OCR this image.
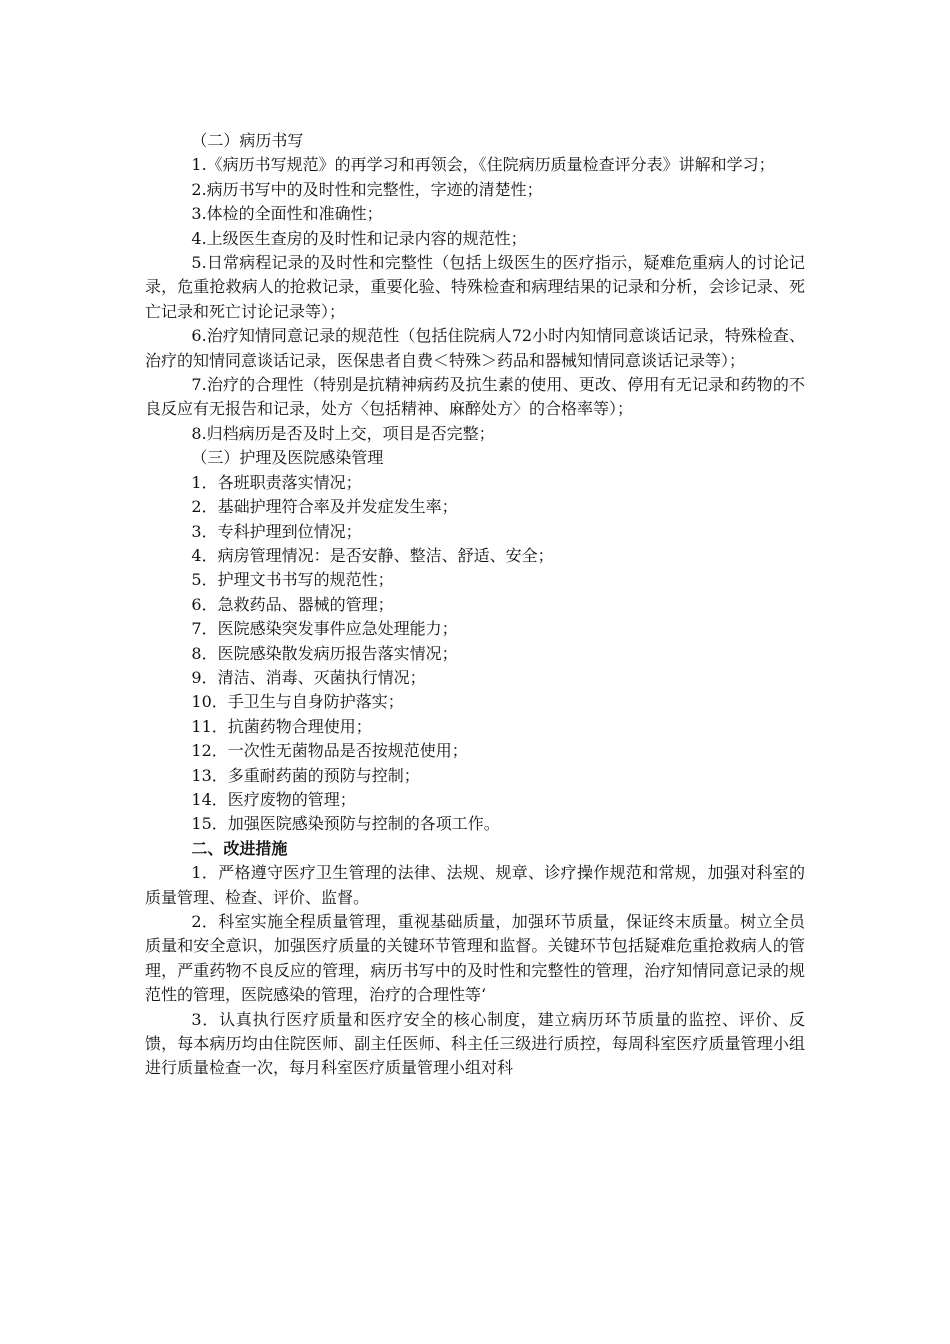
（二）病历书写

1.《病历书写规范》的再学习和再领会，《住院病历质量检查评分表》讲解和学习；

2.病历书写中的及时性和完整性，字迹的清楚性；

3.体检的全面性和准确性；

4.上级医生查房的及时性和记录内容的规范性；

5.日常病程记录的及时性和完整性（包括上级医生的医疗指示，疑难危重病人的讨论记录，危重抢救病人的抢救记录，重要化验、特殊检查和病理结果的记录和分析，会诊记录、死亡记录和死亡讨论记录等）；

6.治疗知情同意记录的规范性（包括住院病人72小时内知情同意谈话记录，特殊检查、治疗的知情同意谈话记录，医保患者自费＜特殊＞药品和器械知情同意谈话记录等）；

7.治疗的合理性（特别是抗精神病药及抗生素的使用、更改、停用有无记录和药物的不良反应有无报告和记录，处方〈包括精神、麻醉处方〉的合格率等）；

8.归档病历是否及时上交，项目是否完整；

（三）护理及医院感染管理

1．各班职责落实情况；

2．基础护理符合率及并发症发生率；

3．专科护理到位情况；

4．病房管理情况：是否安静、整洁、舒适、安全；

5．护理文书书写的规范性；

6．急救药品、器械的管理；

7．医院感染突发事件应急处理能力；

8．医院感染散发病历报告落实情况；

9．清洁、消毒、灭菌执行情况；

10．手卫生与自身防护落实；

11．抗菌药物合理使用；

12．一次性无菌物品是否按规范使用；

13．多重耐药菌的预防与控制；

14．医疗废物的管理；

15．加强医院感染预防与控制的各项工作。

二、改进措施

1．严格遵守医疗卫生管理的法律、法规、规章、诊疗操作规范和常规，加强对科室的质量管理、检查、评价、监督。

2．科室实施全程质量管理，重视基础质量，加强环节质量，保证终末质量。树立全员质量和安全意识，加强医疗质量的关键环节管理和监督。关键环节包括疑难危重抢救病人的管理，严重药物不良反应的管理，病历书写中的及时性和完整性的管理，治疗知情同意记录的规范性的管理，医院感染的管理，治疗的合理性等‘

3．认真执行医疗质量和医疗安全的核心制度，建立病历环节质量的监控、评价、反馈，每本病历均由住院医师、副主任医师、科主任三级进行质控，每周科室医疗质量管理小组进行质量检查一次，每月科室医疗质量管理小组对科
